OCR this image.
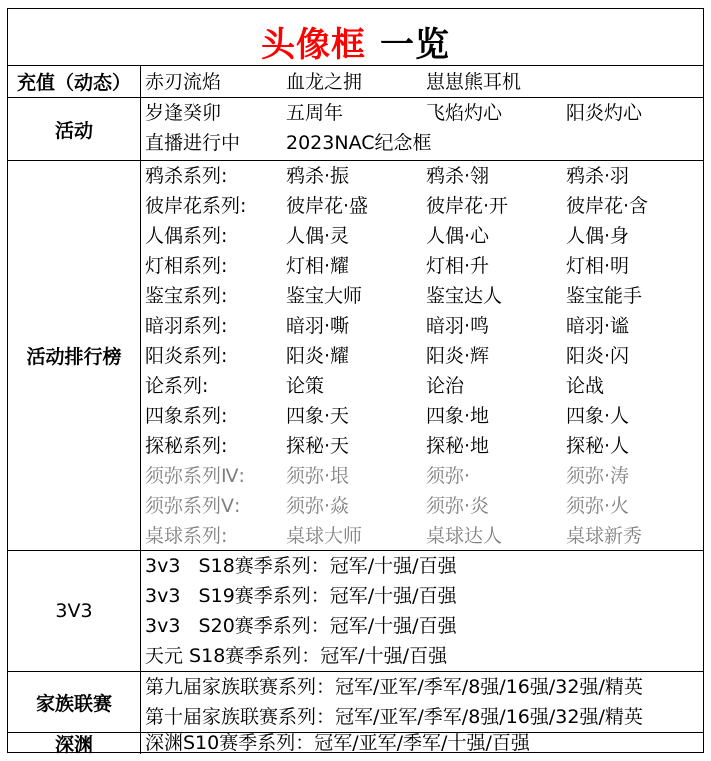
头像框 一览
充值（动态） 赤刃流焰	血龙之拥	崽崽熊耳机
活动
岁逢癸卯	五周年	飞焰灼心	阳炎灼心
直播进行中 2023NAC纪念框
活动排行榜
鸦杀系列:	鸦杀·振	鸦杀·翎	鸦杀·羽
彼岸花系列: 彼岸花·盛	彼岸花·开	彼岸花·含
人偶系列:	人偶·灵	人偶·心	人偶·身
灯相系列:	灯相·耀	灯相·升	灯相·明
鉴宝系列:	鉴宝大师	鉴宝达人	鉴宝能手
暗羽系列:	暗羽·嘶	暗羽·鸣	暗羽·谧
阳炎系列:	阳炎·耀	阳炎·辉	阳炎·闪
论系列:	论策	论治	论战
四象系列:	四象·天	四象·地	四象·人
探秘系列:	探秘·天	探秘·地	探秘·人
须弥系列Ⅳ: 须弥·垠	须弥·	须弥·涛
须弥系列Ⅴ: 须弥·焱	须弥·炎	须弥·火
桌球系列:	桌球大师	桌球达人	桌球新秀
3V3
3v3   S18赛季系列：冠军/十强/百强
3v3   S19赛季系列：冠军/十强/百强
3v3   S20赛季系列：冠军/十强/百强
天元 S18赛季系列：冠军/十强/百强
家族联赛
第九届家族联赛系列：冠军/亚军/季军/8强/16强/32强/精英
第十届家族联赛系列：冠军/亚军/季军/8强/16强/32强/精英
深渊	深渊S10赛季系列：冠军/亚军/季军/十强/百强
